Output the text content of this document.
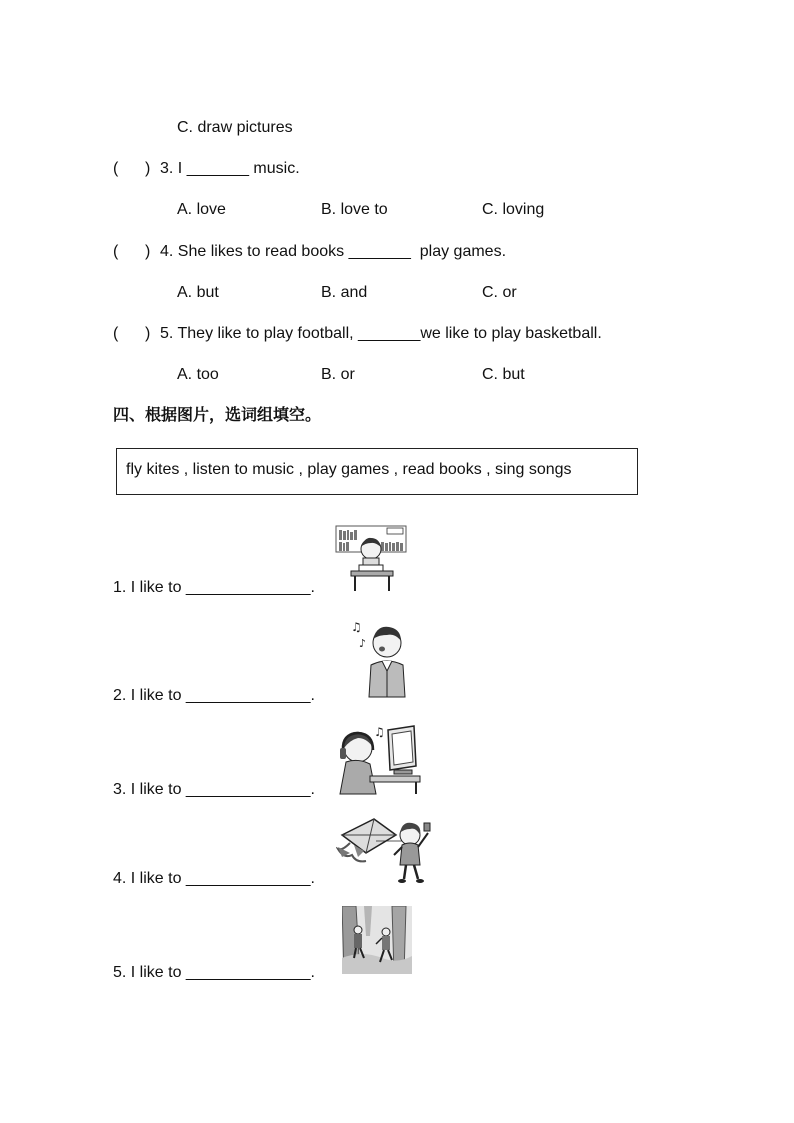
C. draw pictures
(      ) 3. I _______ music.
A. love	B. love to	C. loving
(      ) 4. She likes to read books _______  play games.
A. but	B. and	C. or
(      ) 5. They like to play football, _______we like to play basketball.
A. too	B. or	C. but
四、根据图片，选词组填空。
fly kites , listen to music , play games , read books , sing songs
1. I like to ______________.
2. I like to ______________.
♫
♪
3. I like to ______________.
♫
4. I like to ______________.
5. I like to ______________.
